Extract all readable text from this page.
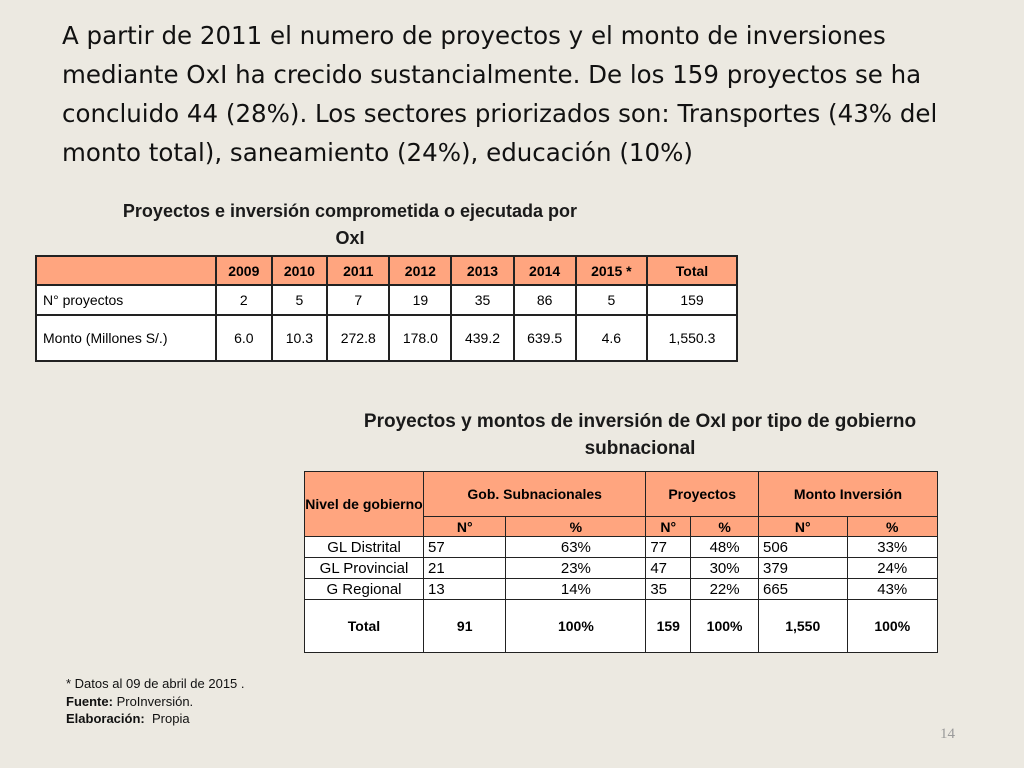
A partir de 2011 el numero de proyectos y el monto de inversiones mediante OxI ha crecido sustancialmente. De los 159 proyectos se ha concluido 44 (28%). Los sectores priorizados son: Transportes (43% del monto total), saneamiento (24%), educación (10%)

Proyectos e inversión comprometida o ejecutada por OxI
	2009	2010	2011	2012	2013	2014	2015 *	Total
N° proyectos	2	5	7	19	35	86	5	159
Monto (Millones S/.)	6.0	10.3	272.8	178.0	439.2	639.5	4.6	1,550.3
Proyectos y montos de inversión de OxI por tipo de gobierno subnacional
Nivel de gobierno	Gob. Subnacionales		Proyectos		Monto Inversión	
	N°	%	N°	%	N°	%
GL Distrital	57	63%	77	48%	506	33%
GL Provincial	21	23%	47	30%	379	24%
G Regional	13	14%	35	22%	665	43%
Total	91	100%	159	100%	1,550	100%
* Datos al 09 de abril de 2015 .
Fuente: ProInversión.
Elaboración: Propia
14
